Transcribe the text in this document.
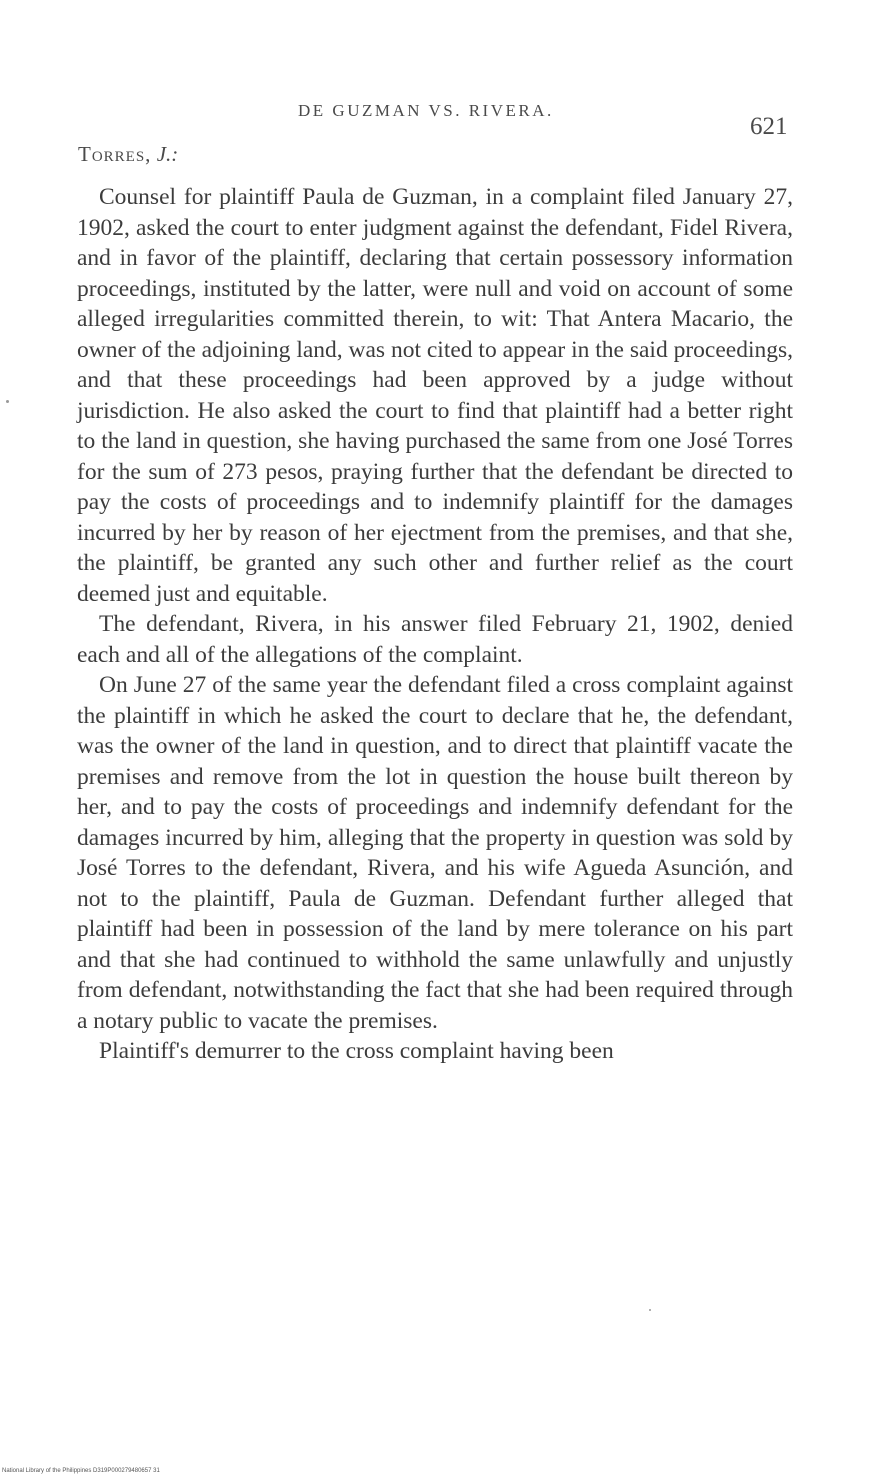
DE GUZMAN VS. RIVERA.
621
Torres, J.:

Counsel for plaintiff Paula de Guzman, in a complaint filed January 27, 1902, asked the court to enter judgment against the defendant, Fidel Rivera, and in favor of the plaintiff, declaring that certain possessory information proceedings, instituted by the latter, were null and void on account of some alleged irregularities committed therein, to wit: That Antera Macario, the owner of the adjoining land, was not cited to appear in the said proceedings, and that these proceedings had been approved by a judge without jurisdiction. He also asked the court to find that plaintiff had a better right to the land in question, she having purchased the same from one José Torres for the sum of 273 pesos, praying further that the defendant be directed to pay the costs of proceedings and to indemnify plaintiff for the damages incurred by her by reason of her ejectment from the premises, and that she, the plaintiff, be granted any such other and further relief as the court deemed just and equitable.

The defendant, Rivera, in his answer filed February 21, 1902, denied each and all of the allegations of the complaint.

On June 27 of the same year the defendant filed a cross complaint against the plaintiff in which he asked the court to declare that he, the defendant, was the owner of the land in question, and to direct that plaintiff vacate the premises and remove from the lot in question the house built thereon by her, and to pay the costs of proceedings and indemnify defendant for the damages incurred by him, alleging that the property in question was sold by José Torres to the defendant, Rivera, and his wife Agueda Asunción, and not to the plaintiff, Paula de Guzman. Defendant further alleged that plaintiff had been in possession of the land by mere tolerance on his part and that she had continued to withhold the same unlawfully and unjustly from defendant, notwithstanding the fact that she had been required through a notary public to vacate the premises.

Plaintiff's demurrer to the cross complaint having been

National Library of the Philippines D319P000279480657 31
